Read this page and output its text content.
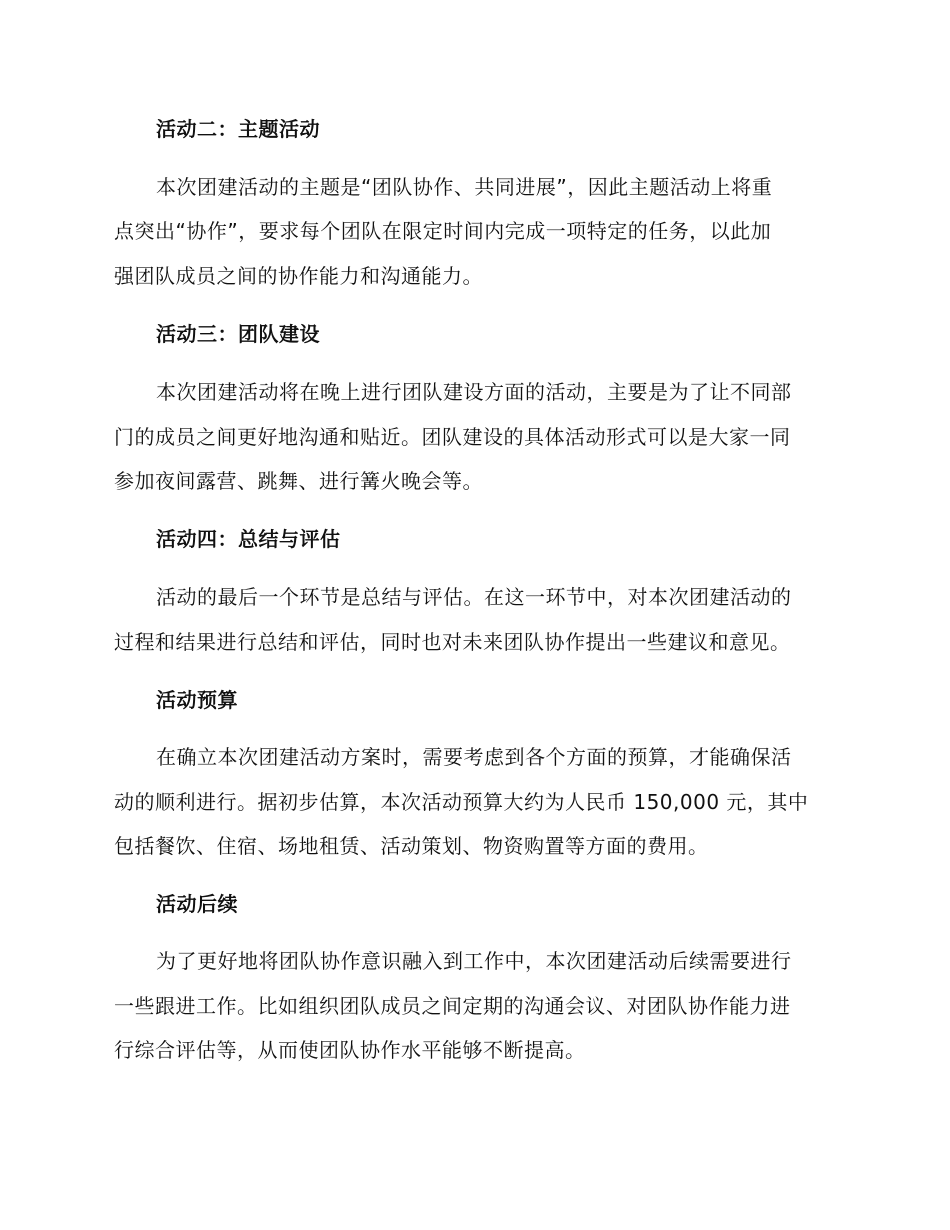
活动二：主题活动
本次团建活动的主题是“团队协作、共同进展”，因此主题活动上将重
点突出“协作”，要求每个团队在限定时间内完成一项特定的任务，以此加
强团队成员之间的协作能力和沟通能力。
活动三：团队建设
本次团建活动将在晚上进行团队建设方面的活动，主要是为了让不同部
门的成员之间更好地沟通和贴近。团队建设的具体活动形式可以是大家一同
参加夜间露营、跳舞、进行篝火晚会等。
活动四：总结与评估
活动的最后一个环节是总结与评估。在这一环节中，对本次团建活动的
过程和结果进行总结和评估，同时也对未来团队协作提出一些建议和意见。
活动预算
在确立本次团建活动方案时，需要考虑到各个方面的预算，才能确保活
动的顺利进行。据初步估算，本次活动预算大约为人民币 150,000 元，其中
包括餐饮、住宿、场地租赁、活动策划、物资购置等方面的费用。
活动后续
为了更好地将团队协作意识融入到工作中，本次团建活动后续需要进行
一些跟进工作。比如组织团队成员之间定期的沟通会议、对团队协作能力进
行综合评估等，从而使团队协作水平能够不断提高。
